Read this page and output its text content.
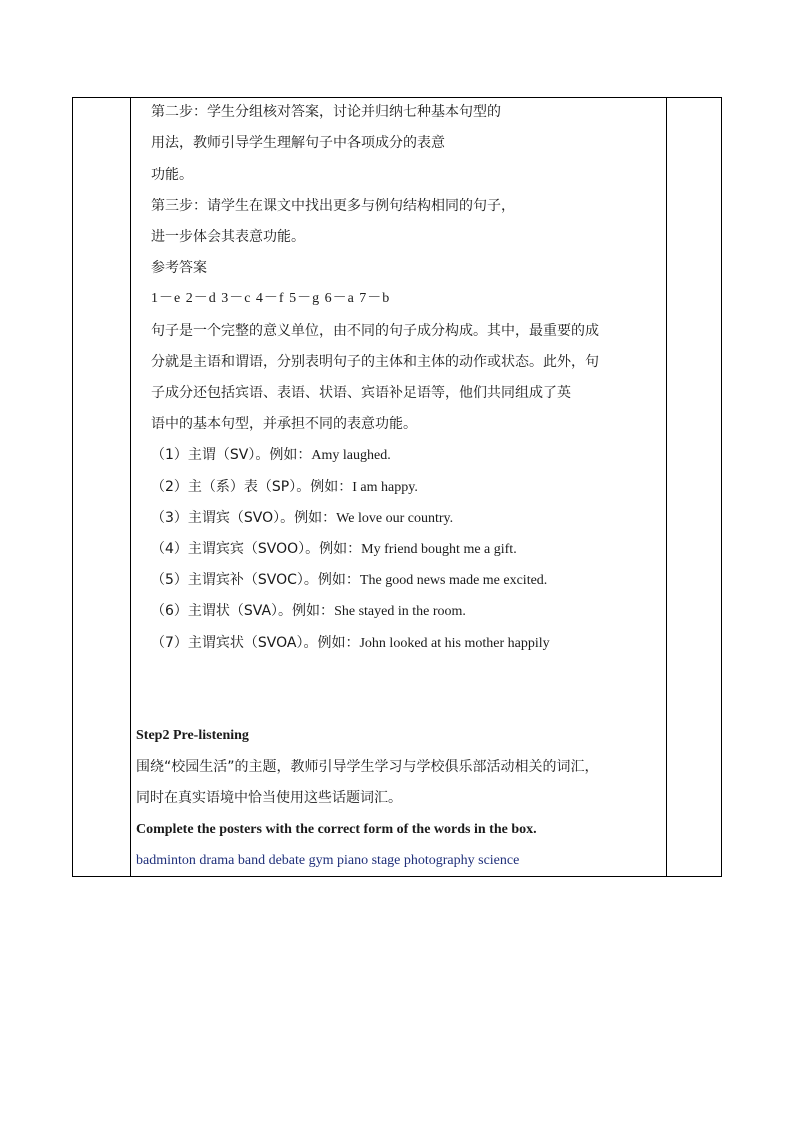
第二步：学生分组核对答案，讨论并归纳七种基本句型的
用法，教师引导学生理解句子中各项成分的表意
功能。
第三步：请学生在课文中找出更多与例句结构相同的句子，
进一步体会其表意功能。
参考答案
1－e 2－d 3－c 4－f 5－g 6－a 7－b
句子是一个完整的意义单位，由不同的句子成分构成。其中，最重要的成
分就是主语和谓语，分别表明句子的主体和主体的动作或状态。此外，句
子成分还包括宾语、表语、状语、宾语补足语等，他们共同组成了英
语中的基本句型，并承担不同的表意功能。
（1）主谓（SV）。例如：Amy laughed.
（2）主（系）表（SP）。例如：I am happy.
（3）主谓宾（SVO）。例如：We love our country.
（4）主谓宾宾（SVOO）。例如：My friend bought me a gift.
（5）主谓宾补（SVOC）。例如：The good news made me excited.
（6）主谓状（SVA）。例如：She stayed in the room.
（7）主谓宾状（SVOA）。例如：John looked at his mother happily
Step2 Pre-listening
围绕“校园生活”的主题，教师引导学生学习与学校俱乐部活动相关的词汇，
同时在真实语境中恰当使用这些话题词汇。
Complete the posters with the correct form of the words in the box.
badminton drama band debate gym piano stage photography science
